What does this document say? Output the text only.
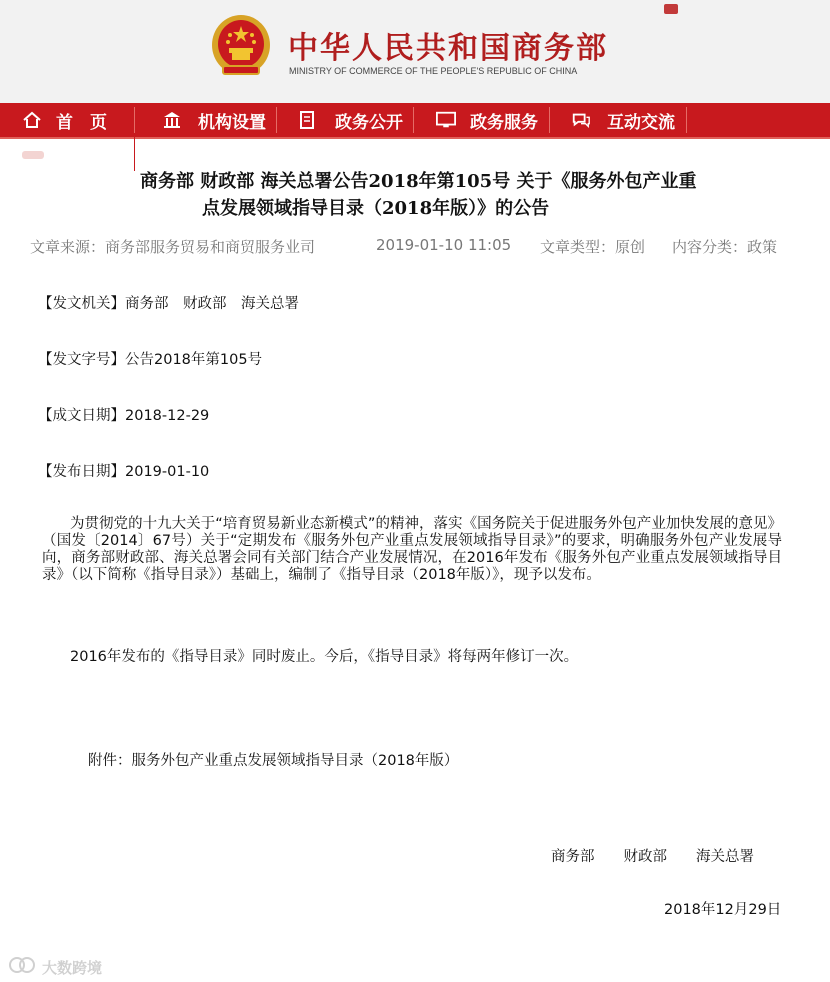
中华人民共和国商务部
MINISTRY OF COMMERCE OF THE PEOPLE'S REPUBLIC OF CHINA
首　页	机构设置	政务公开	政务服务	互动交流
商务部 财政部 海关总署公告2018年第105号 关于《服务外包产业重
点发展领域指导目录（2018年版）》的公告
文章来源：商务部服务贸易和商贸服务业司	2019-01-10 11:05 文章类型：原创 内容分类：政策
【发文机关】商务部　财政部　海关总署
【发文字号】公告2018年第105号
【成文日期】2018-12-29
【发布日期】2019-01-10
为贯彻党的十九大关于“培育贸易新业态新模式”的精神，落实《国务院关于促进服务外包产业加快发展的意见》（国发〔2014〕67号）关于“定期发布《服务外包产业重点发展领域指导目录》”的要求，明确服务外包产业发展导向，商务部财政部、海关总署会同有关部门结合产业发展情况，在2016年发布《服务外包产业重点发展领域指导目录》（以下简称《指导目录》）基础上，编制了《指导目录（2018年版）》，现予以发布。
2016年发布的《指导目录》同时废止。今后，《指导目录》将每两年修订一次。
附件：服务外包产业重点发展领域指导目录（2018年版）
商务部　　财政部　　海关总署
2018年12月29日
大数跨境
